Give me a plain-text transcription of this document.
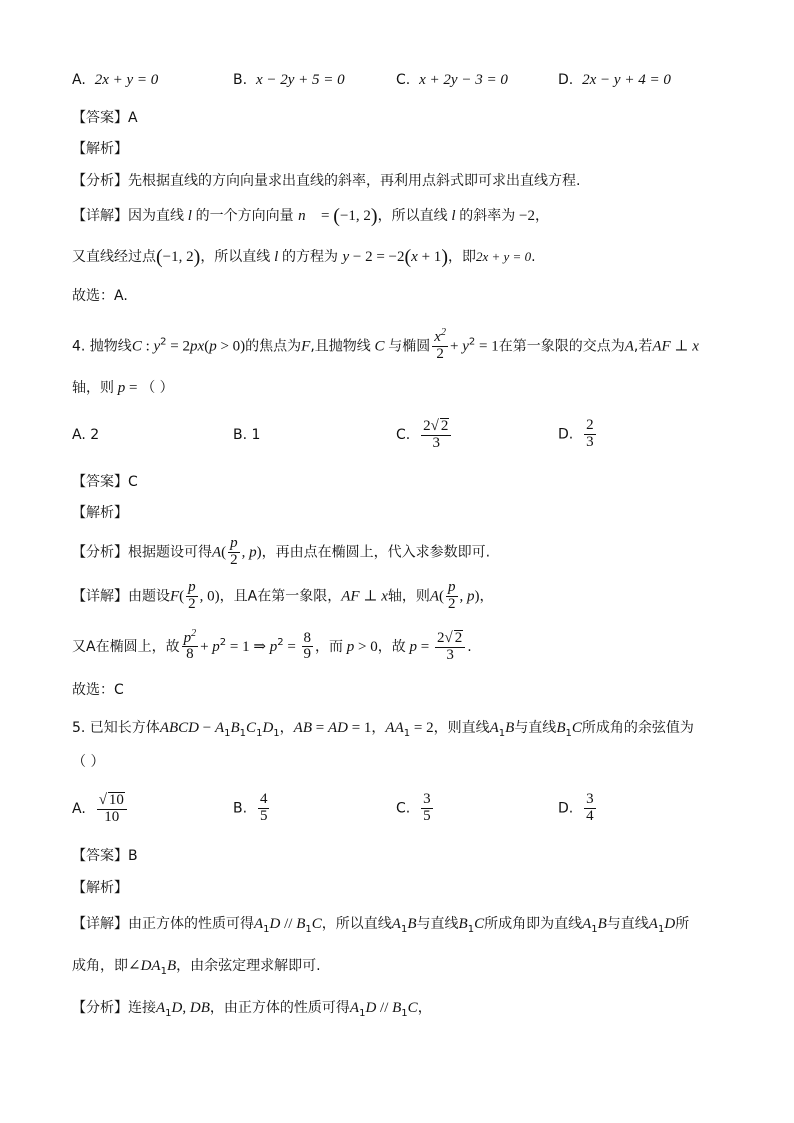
A. 2x + y = 0	B. x − 2y + 5 = 0	C. x + 2y − 3 = 0	D. 2x − y + 4 = 0
【答案】A
【解析】
【分析】先根据直线的方向向量求出直线的斜率，再利用点斜式即可求出直线方程.
【详解】因为直线 l 的一个方向向量 n⃗ = (−1, 2)，所以直线 l 的斜率为 −2，
又直线经过点(−1, 2)，所以直线 l 的方程为 y − 2 = −2(x + 1)，即2x + y = 0.
故选：A.
4. 抛物线C : $y^2 = 2px(p > 0)$的焦点为F,且抛物线 C 与椭圆 $\frac{x^2}{2} + y^2 = 1$在第一象限的交点为A,若AF ⊥ x
轴，则 p = （ ）
A. 2	B. 1	C. $\frac{2√ 2}{3}$	D. $\frac{2}{3}$
【答案】C
【解析】
【分析】根据题设可得$A( \frac{p}{2}$ , p)，再由点在椭圆上，代入求参数即可.
【详解】由题设$F( \frac{p}{2}$ , 0)，且A在第一象限，AF ⊥ x轴，则$A( \frac{p}{2}$ , p)，
又A在椭圆上，故 $\frac{p^2}{8} + p^2 = 1$ ⇒ $p^2 = \frac{8}{9}$ ，而 p > 0，故 $p = \frac{2√ 2}{3}$ .
故选：C
5. 已知长方体ABCD − $A_1B_1C_1D_1$，AB = AD = 1，$AA_1 = 2$，则直线$A_1B$与直线$B_1C$所成角的余弦值为
（ ）
A. $\frac{√ 10}{10}$	B. $\frac{4}{5}$	C. $\frac{3}{5}$	D. $\frac{3}{4}$
【答案】B
【解析】
【详解】由正方体的性质可得$A_1D // B_1C$，所以直线$A_1B$与直线$B_1C$所成角即为直线$A_1B$与直线$A_1D$所
成角，即$\angle DA_1B$，由余弦定理求解即可.
【分析】连接$A_1D$, DB，由正方体的性质可得$A_1D // B_1C$，
